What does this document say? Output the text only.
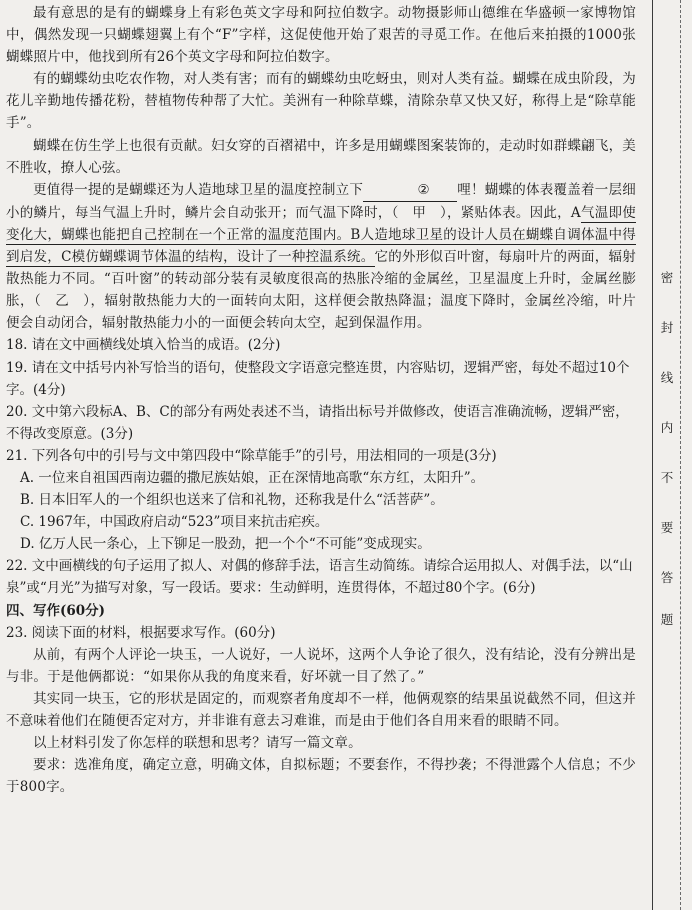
最有意思的是有的蝴蝶身上有彩色英文字母和阿拉伯数字。动物摄影师山德维在华盛顿一家博物馆中，偶然发现一只蝴蝶翅翼上有个“F”字样，这促使他开始了艰苦的寻觅工作。在他后来拍摄的1000张蝴蝶照片中，他找到所有26个英文字母和阿拉伯数字。

有的蝴蝶幼虫吃农作物，对人类有害；而有的蝴蝶幼虫吃蚜虫，则对人类有益。蝴蝶在成虫阶段，为花儿辛勤地传播花粉，替植物传种帮了大忙。美洲有一种除草蝶，清除杂草又快又好，称得上是“除草能手”。

蝴蝶在仿生学上也很有贡献。妇女穿的百褶裙中，许多是用蝴蝶图案装饰的，走动时如群蝶翩飞，美不胜收，撩人心弦。

更值得一提的是蝴蝶还为人造地球卫星的温度控制立下	② 哩！蝴蝶的体表覆盖着一层细小的鳞片，每当气温上升时，鳞片会自动张开；而气温下降时，（　甲　），紧贴体表。因此，A气温即使变化大，蝴蝶也能把自己控制在一个正常的温度范围内。B人造地球卫星的设计人员在蝴蝶自调体温中得到启发，C模仿蝴蝶调节体温的结构，设计了一种控温系统。它的外形似百叶窗，每扇叶片的两面，辐射散热能力不同。“百叶窗”的转动部分装有灵敏度很高的热胀冷缩的金属丝，卫星温度上升时，金属丝膨胀，（　乙　），辐射散热能力大的一面转向太阳，这样便会散热降温；温度下降时，金属丝冷缩，叶片便会自动闭合，辐射散热能力小的一面便会转向太空，起到保温作用。

18. 请在文中画横线处填入恰当的成语。(2分)

19. 请在文中括号内补写恰当的语句，使整段文字语意完整连贯，内容贴切，逻辑严密，每处不超过10个字。(4分)

20. 文中第六段标A、B、C的部分有两处表述不当，请指出标号并做修改，使语言准确流畅，逻辑严密，不得改变原意。(3分)

21. 下列各句中的引号与文中第四段中“除草能手”的引号，用法相同的一项是(3分)

A. 一位来自祖国西南边疆的撒尼族姑娘，正在深情地高歌“东方红，太阳升”。

B. 日本旧军人的一个组织也送来了信和礼物，还称我是什么“活菩萨”。

C. 1967年，中国政府启动“523”项目来抗击疟疾。

D. 亿万人民一条心，上下铆足一股劲，把一个个“不可能”变成现实。

22. 文中画横线的句子运用了拟人、对偶的修辞手法，语言生动简练。请综合运用拟人、对偶手法，以“山泉”或“月光”为描写对象，写一段话。要求：生动鲜明，连贯得体，不超过80个字。(6分)

四、写作(60分)

23. 阅读下面的材料，根据要求写作。(60分)

从前，有两个人评论一块玉，一人说好，一人说坏，这两个人争论了很久，没有结论，没有分辨出是与非。于是他俩都说：“如果你从我的角度来看，好坏就一目了然了。”

其实同一块玉，它的形状是固定的，而观察者角度却不一样，他俩观察的结果虽说截然不同，但这并不意味着他们在随便否定对方，并非谁有意去习难谁，而是由于他们各自用来看的眼睛不同。

以上材料引发了你怎样的联想和思考？请写一篇文章。

要求：选准角度，确定立意，明确文体，自拟标题；不要套作，不得抄袭；不得泄露个人信息；不少于800字。

密
封
线
内
不
要
答
题
